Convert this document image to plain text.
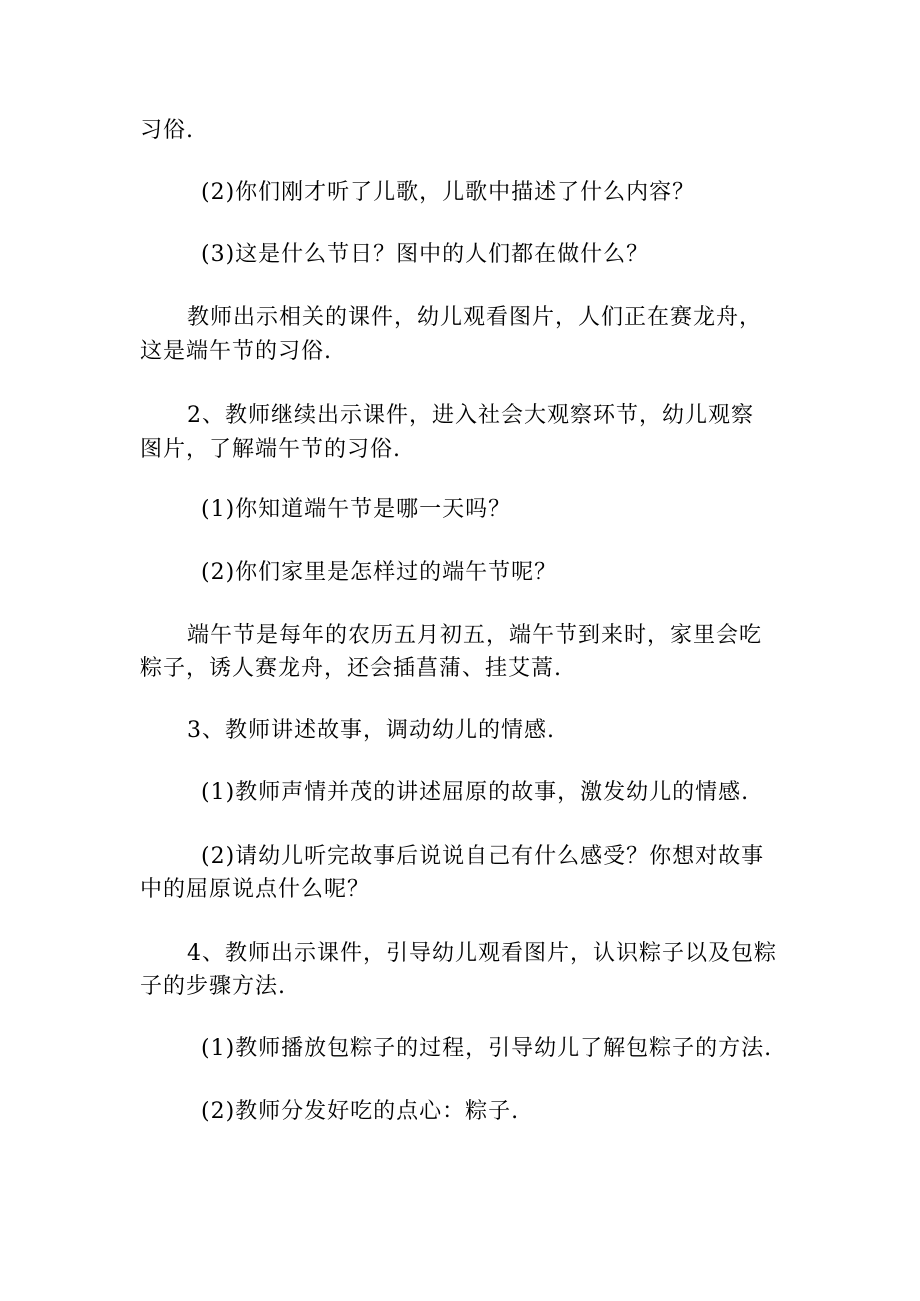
习俗.
(2)你们刚才听了儿歌，儿歌中描述了什么内容？
(3)这是什么节日？图中的人们都在做什么？
教师出示相关的课件，幼儿观看图片，人们正在赛龙舟，
这是端午节的习俗.
2、教师继续出示课件，进入社会大观察环节，幼儿观察
图片，了解端午节的习俗.
(1)你知道端午节是哪一天吗？
(2)你们家里是怎样过的端午节呢？
端午节是每年的农历五月初五，端午节到来时，家里会吃
粽子，诱人赛龙舟，还会插菖蒲、挂艾蒿.
3、教师讲述故事，调动幼儿的情感.
(1)教师声情并茂的讲述屈原的故事，激发幼儿的情感.
(2)请幼儿听完故事后说说自己有什么感受？你想对故事
中的屈原说点什么呢？
4、教师出示课件，引导幼儿观看图片，认识粽子以及包粽
子的步骤方法.
(1)教师播放包粽子的过程，引导幼儿了解包粽子的方法.
(2)教师分发好吃的点心：粽子.
